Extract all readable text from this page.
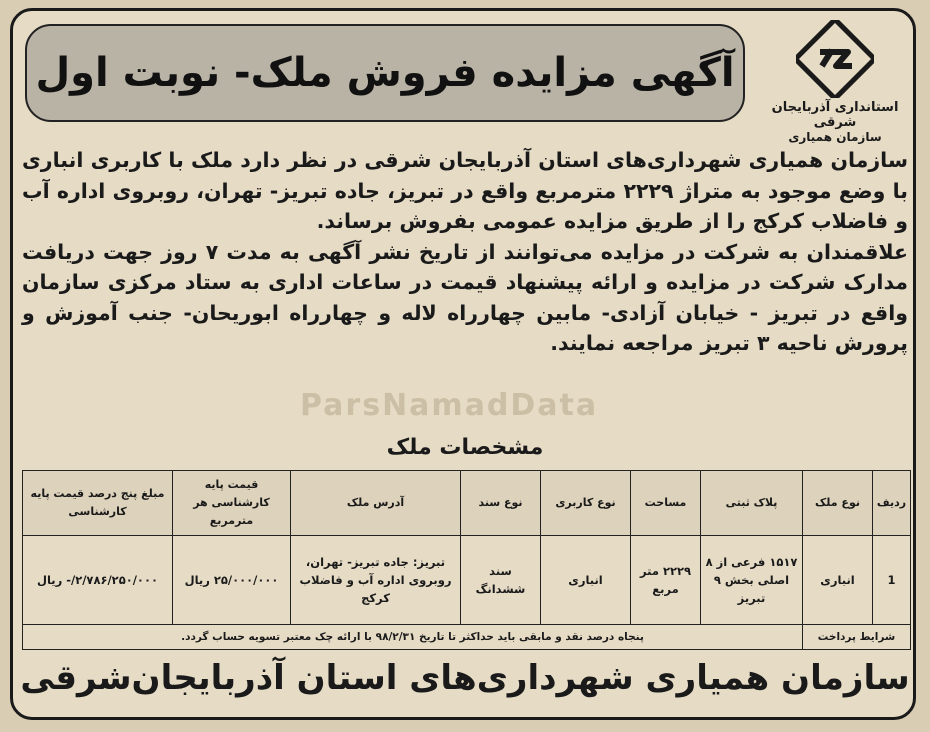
آگهی مزایده فروش ملک- نوبت اول
استانداری آذربایجان شرقی
سازمان همیاری

سازمان همیاری شهرداری‌های استان آذربایجان شرقی در نظر دارد ملک با کاربری انباری با وضع موجود به متراژ ۲۲۲۹ مترمربع واقع در تبریز، جاده تبریز- تهران، روبروی اداره آب و فاضلاب کرکج را از طریق مزایده عمومی بفروش برساند.

علاقمندان به شرکت در مزایده می‌توانند از تاریخ نشر آگهی به مدت ۷ روز جهت دریافت مدارک شرکت در مزایده و ارائه پیشنهاد قیمت در ساعات اداری به ستاد مرکزی سازمان واقع در تبریز - خیابان آزادی- مابین چهارراه لاله و چهارراه ابوریحان- جنب آموزش و پرورش ناحیه ۳ تبریز مراجعه نمایند.

ParsNamadData
مشخصات ملک
ردیف	نوع ملک	پلاک ثبتی	مساحت	نوع کاربری	نوع سند	آدرس ملک	قیمت پایه کارشناسی هر مترمربع	مبلغ پنج درصد قیمت پایه کارشناسی
1	انباری	۱۵۱۷ فرعی از ۸ اصلی بخش ۹ تبریز	۲۲۲۹ متر مربع	انباری	سند ششدانگ	تبریز: جاده تبریز- تهران، روبروی اداره آب و فاضلاب کرکج	۲۵/۰۰۰/۰۰۰ ریال	۲/۷۸۶/۲۵۰/۰۰۰/- ریال
شرایط پرداخت		پنجاه درصد نقد و مابقی باید حداکثر تا تاریخ ۹۸/۲/۳۱ با ارائه چک معتبر تسویه حساب گردد.						
سازمان همیاری شهرداری‌های استان آذربایجان‌شرقی
